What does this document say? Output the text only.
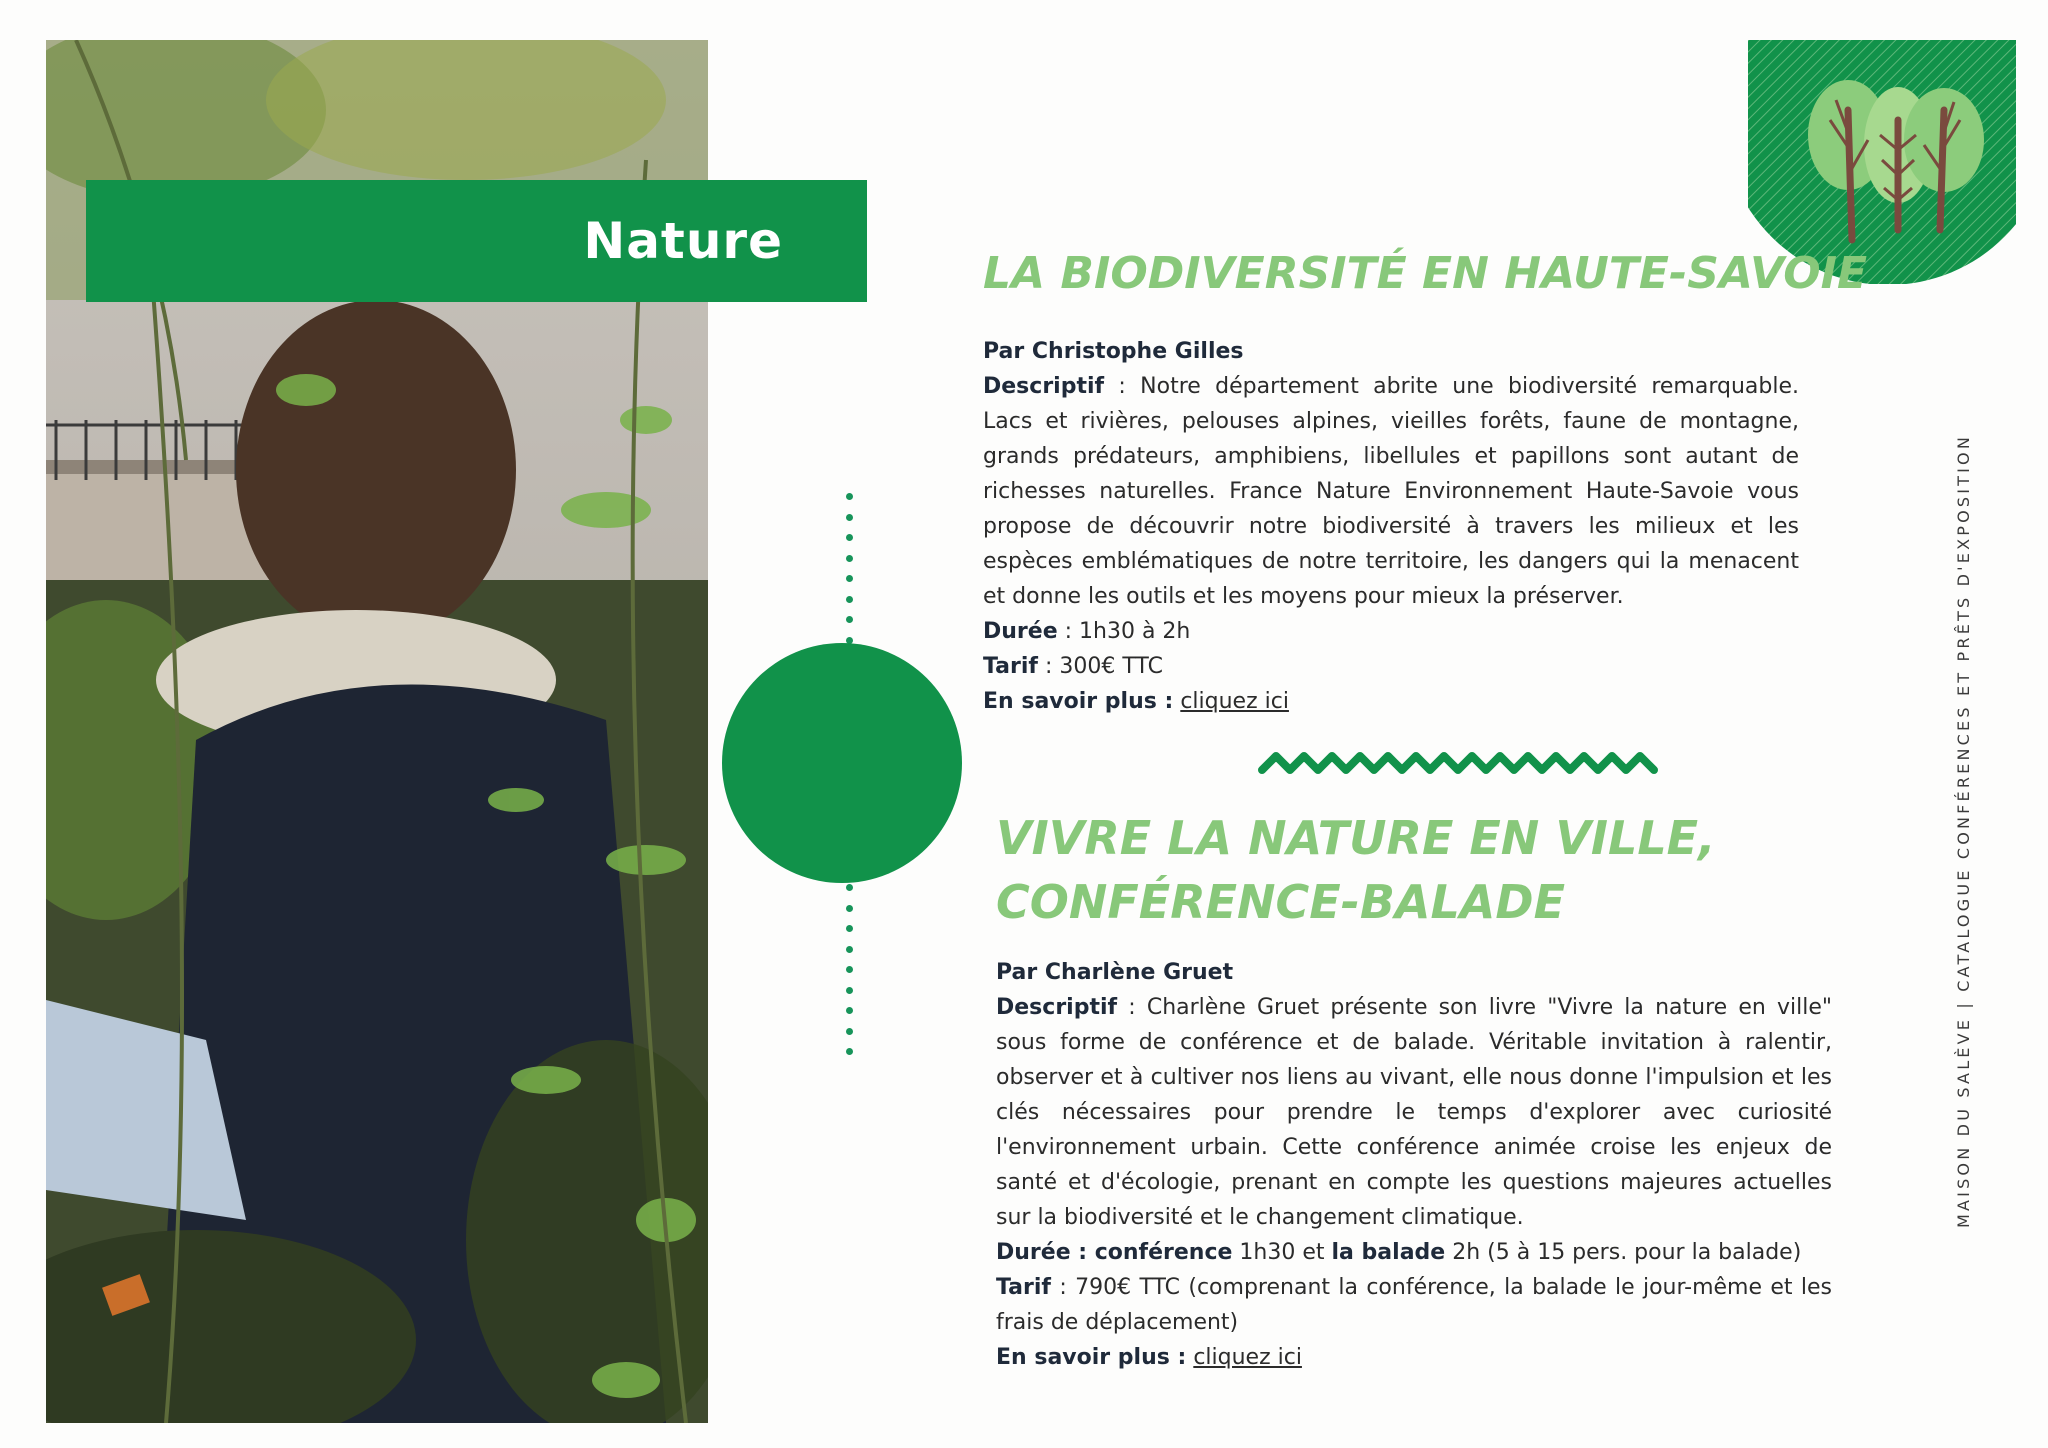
Nature
LA BIODIVERSITÉ EN HAUTE-SAVOIE

Par Christophe Gilles

Descriptif : Notre département abrite une biodiversité remarquable. Lacs et rivières, pelouses alpines, vieilles forêts, faune de montagne, grands prédateurs, amphibiens, libellules et papillons sont autant de richesses naturelles. France Nature Environnement Haute-Savoie vous propose de découvrir notre biodiversité à travers les milieux et les espèces emblématiques de notre territoire, les dangers qui la menacent et donne les outils et les moyens pour mieux la préserver.

Durée : 1h30 à 2h

Tarif : 300€ TTC

En savoir plus : cliquez ici

VIVRE LA NATURE EN VILLE,
CONFÉRENCE-BALADE

Par Charlène Gruet

Descriptif : Charlène Gruet présente son livre "Vivre la nature en ville" sous forme de conférence et de balade. Véritable invitation à ralentir, observer et à cultiver nos liens au vivant, elle nous donne l'impulsion et les clés nécessaires pour prendre le temps d'explorer avec curiosité l'environnement urbain. Cette conférence animée croise les enjeux de santé et d'écologie, prenant en compte les questions majeures actuelles sur la biodiversité et le changement climatique.

Durée : conférence 1h30 et la balade 2h (5 à 15 pers. pour la balade)

Tarif : 790€ TTC (comprenant la conférence, la balade le jour-même et les frais de déplacement)

En savoir plus : cliquez ici

MAISON DU SALÈVE | CATALOGUE CONFÉRENCES ET PRÊTS D'EXPOSITION
